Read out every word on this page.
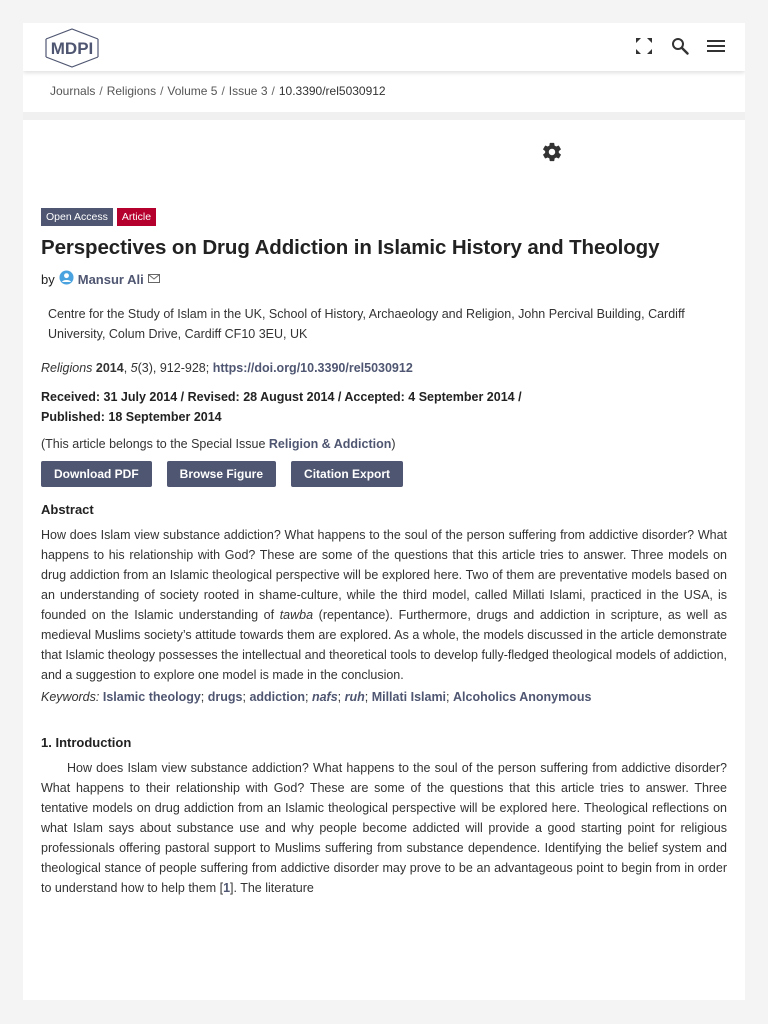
MDPI
Journals / Religions / Volume 5 / Issue 3 / 10.3390/rel5030912
Open Access	Article
Perspectives on Drug Addiction in Islamic History and Theology
by Mansur Ali
Centre for the Study of Islam in the UK, School of History, Archaeology and Religion, John Percival Building, Cardiff University, Colum Drive, Cardiff CF10 3EU, UK
Religions 2014, 5(3), 912-928; https://doi.org/10.3390/rel5030912
Received: 31 July 2014 / Revised: 28 August 2014 / Accepted: 4 September 2014 /
Published: 18 September 2014
(This article belongs to the Special Issue Religion & Addiction)
Download PDF	Browse Figure	Citation Export
Abstract

How does Islam view substance addiction? What happens to the soul of the person suffering from addictive disorder? What happens to his relationship with God? These are some of the questions that this article tries to answer. Three models on drug addiction from an Islamic theological perspective will be explored here. Two of them are preventative models based on an understanding of society rooted in shame-culture, while the third model, called Millati Islami, practiced in the USA, is founded on the Islamic understanding of tawba (repentance). Furthermore, drugs and addiction in scripture, as well as medieval Muslims society’s attitude towards them are explored. As a whole, the models discussed in the article demonstrate that Islamic theology possesses the intellectual and theoretical tools to develop fully-fledged theological models of addiction, and a suggestion to explore one model is made in the conclusion.

Keywords: Islamic theology; drugs; addiction; nafs; ruh; Millati Islami; Alcoholics Anonymous
1. Introduction

How does Islam view substance addiction? What happens to the soul of the person suffering from addictive disorder? What happens to their relationship with God? These are some of the questions that this article tries to answer. Three tentative models on drug addiction from an Islamic theological perspective will be explored here. Theological reflections on what Islam says about substance use and why people become addicted will provide a good starting point for religious professionals offering pastoral support to Muslims suffering from substance dependence. Identifying the belief system and theological stance of people suffering from addictive disorder may prove to be an advantageous point to begin from in order to understand how to help them [1]. The literature
